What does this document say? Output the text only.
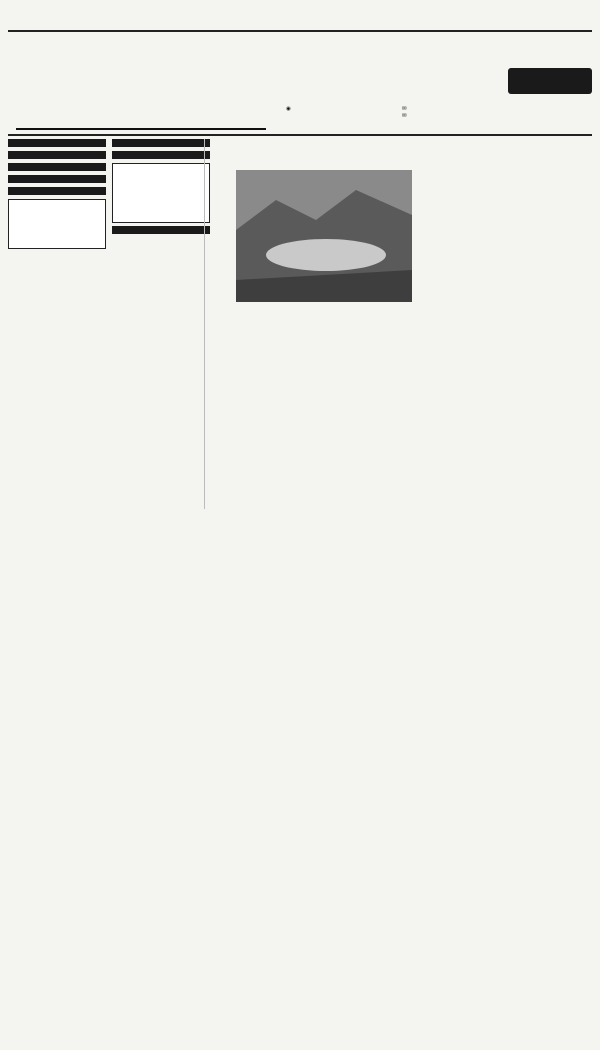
◉	✉
✉
